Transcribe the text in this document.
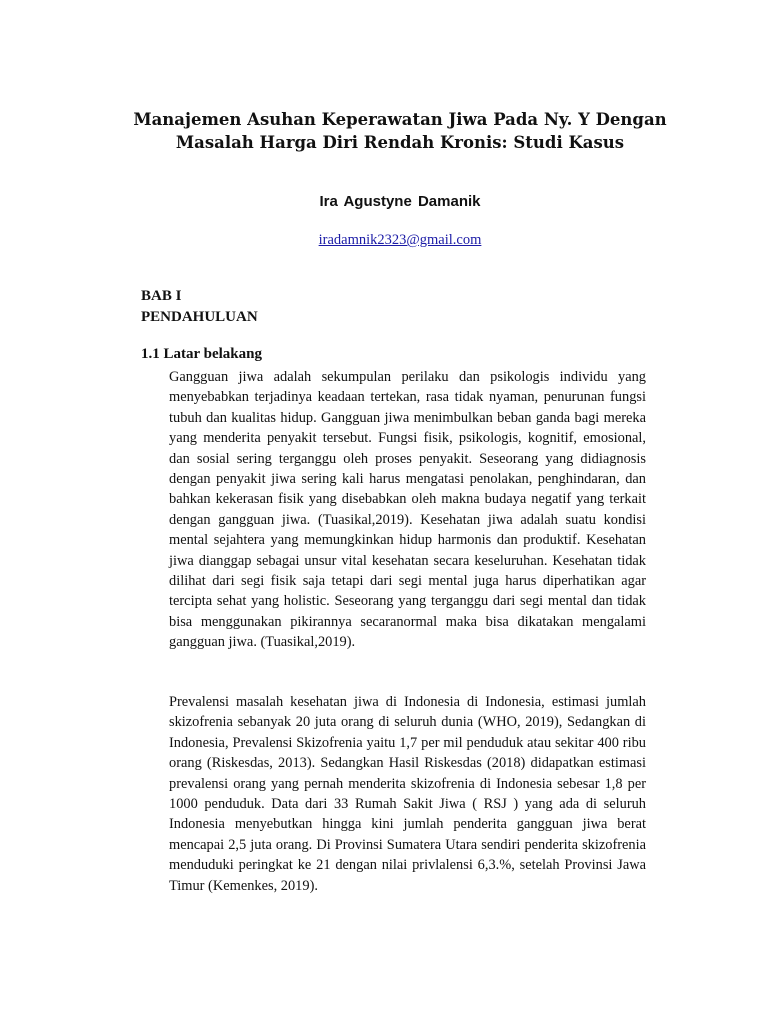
Manajemen Asuhan Keperawatan Jiwa Pada Ny. Y Dengan
Masalah Harga Diri Rendah Kronis: Studi Kasus

Ira Agustyne Damanik

iradamnik2323@gmail.com
BAB I
PENDAHULUAN
1.1 Latar belakang

Gangguan jiwa adalah sekumpulan perilaku dan psikologis individu yang menyebabkan terjadinya keadaan tertekan, rasa tidak nyaman, penurunan fungsi tubuh dan kualitas hidup. Gangguan jiwa menimbulkan beban ganda bagi mereka yang menderita penyakit tersebut. Fungsi fisik, psikologis, kognitif, emosional, dan sosial sering terganggu oleh proses penyakit. Seseorang yang didiagnosis dengan penyakit jiwa sering kali harus mengatasi penolakan, penghindaran, dan bahkan kekerasan fisik yang disebabkan oleh makna budaya negatif yang terkait dengan gangguan jiwa. (Tuasikal,2019). Kesehatan jiwa adalah suatu kondisi mental sejahtera yang memungkinkan hidup harmonis dan produktif. Kesehatan jiwa dianggap sebagai unsur vital kesehatan secara keseluruhan. Kesehatan tidak dilihat dari segi fisik saja tetapi dari segi mental juga harus diperhatikan agar tercipta sehat yang holistic. Seseorang yang terganggu dari segi mental dan tidak bisa menggunakan pikirannya secaranormal maka bisa dikatakan mengalami gangguan jiwa. (Tuasikal,2019).

Prevalensi masalah kesehatan jiwa di Indonesia di Indonesia, estimasi jumlah skizofrenia sebanyak 20 juta orang di seluruh dunia (WHO, 2019), Sedangkan di Indonesia, Prevalensi Skizofrenia yaitu 1,7 per mil penduduk atau sekitar 400 ribu orang (Riskesdas, 2013). Sedangkan Hasil Riskesdas (2018) didapatkan estimasi prevalensi orang yang pernah menderita skizofrenia di Indonesia sebesar 1,8 per 1000 penduduk. Data dari 33 Rumah Sakit Jiwa ( RSJ ) yang ada di seluruh Indonesia menyebutkan hingga kini jumlah penderita gangguan jiwa berat mencapai 2,5 juta orang. Di Provinsi Sumatera Utara sendiri penderita skizofrenia menduduki peringkat ke 21 dengan nilai privlalensi 6,3.%, setelah Provinsi Jawa Timur (Kemenkes, 2019).
